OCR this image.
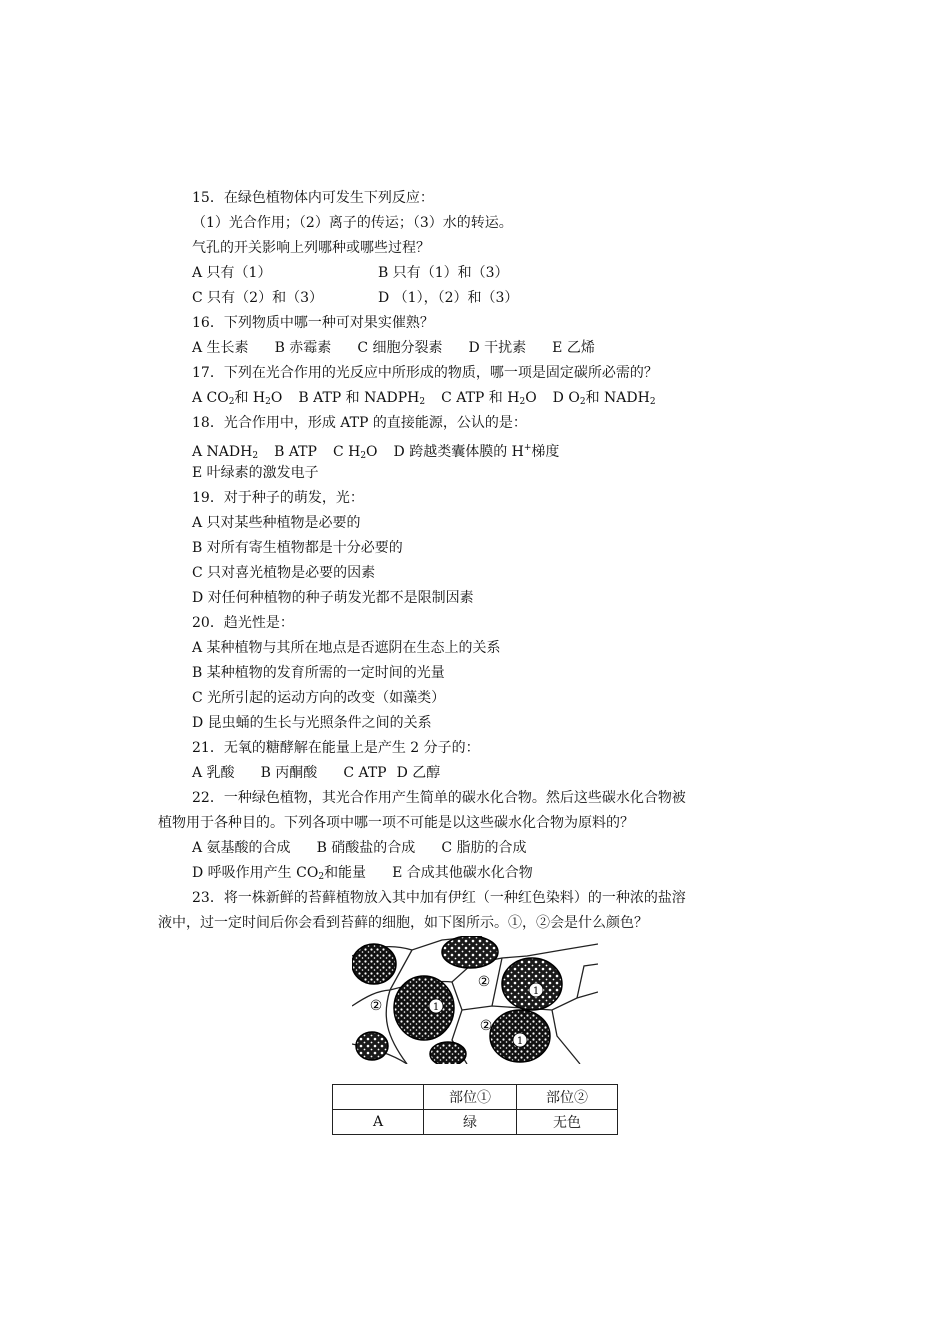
15．在绿色植物体内可发生下列反应：
（1）光合作用；（2）离子的传运；（3）水的转运。
气孔的开关影响上列哪种或哪些过程？
A 只有（1）	B 只有（1）和（3）
C 只有（2）和（3）	D （1），（2）和（3）
16．下列物质中哪一种可对果实催熟？
A 生长素 B 赤霉素 C 细胞分裂素 D 干扰素 E 乙烯
17．下列在光合作用的光反应中所形成的物质，哪一项是固定碳所必需的？
A $CO_2$和 $H_2O$ B ATP 和 $NADPH_2$ C ATP 和 $H_2O$ D $O_2$和 $NADH_2$
18．光合作用中，形成 ATP 的直接能源，公认的是：
A $NADH_2$ B ATP C $H_2O$ D 跨越类囊体膜的 H+梯度
E 叶绿素的激发电子
19．对于种子的萌发，光：
A 只对某些种植物是必要的
B 对所有寄生植物都是十分必要的
C 只对喜光植物是必要的因素
D 对任何种植物的种子萌发光都不是限制因素
20．趋光性是：
A 某种植物与其所在地点是否遮阴在生态上的关系
B 某种植物的发育所需的一定时间的光量
C 光所引起的运动方向的改变（如藻类）
D 昆虫蛹的生长与光照条件之间的关系
21．无氧的糖酵解在能量上是产生 2 分子的：
A 乳酸 B 丙酮酸 C ATP D 乙醇
22．一种绿色植物，其光合作用产生简单的碳水化合物。然后这些碳水化合物被
植物用于各种目的。下列各项中哪一项不可能是以这些碳水化合物为原料的？
A 氨基酸的合成 B 硝酸盐的合成 C 脂肪的合成
D 呼吸作用产生 $CO_2$和能量 E 合成其他碳水化合物
23．将一株新鲜的苔藓植物放入其中加有伊红（一种红色染料）的一种浓的盐溶
液中，过一定时间后你会看到苔藓的细胞，如下图所示。①，②会是什么颜色？
1
1
1
②
②
②
	部位①	部位②
A	绿	无色
